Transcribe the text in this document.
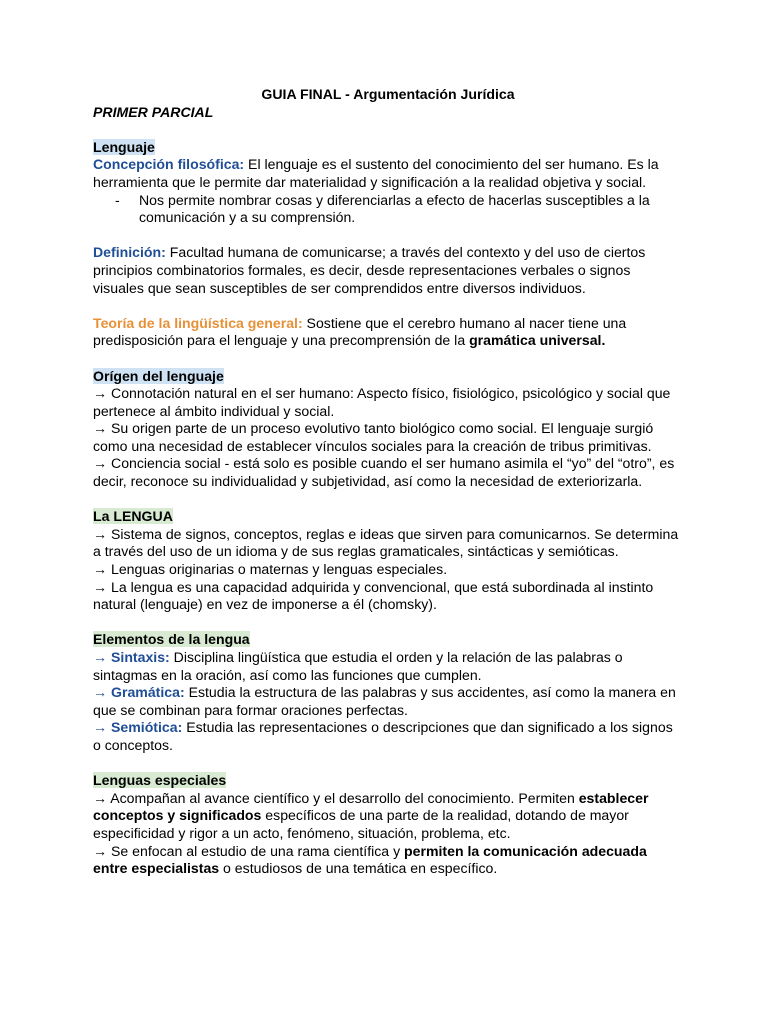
GUIA FINAL - Argumentación Jurídica

PRIMER PARCIAL

Lenguaje

Concepción filosófica: El lenguaje es el sustento del conocimiento del ser humano. Es la herramienta que le permite dar materialidad y significación a la realidad objetiva y social.

-	Nos permite nombrar cosas y diferenciarlas a efecto de hacerlas susceptibles a la comunicación y a su comprensión.

Definición: Facultad humana de comunicarse; a través del contexto y del uso de ciertos principios combinatorios formales, es decir, desde representaciones verbales o signos visuales que sean susceptibles de ser comprendidos entre diversos individuos.

Teoría de la lingüística general: Sostiene que el cerebro humano al nacer tiene una predisposición para el lenguaje y una precomprensión de la gramática universal.

Orígen del lenguaje

→ Connotación natural en el ser humano: Aspecto físico, fisiológico, psicológico y social que pertenece al ámbito individual y social.

→ Su origen parte de un proceso evolutivo tanto biológico como social. El lenguaje surgió como una necesidad de establecer vínculos sociales para la creación de tribus primitivas.

→ Conciencia social - está solo es posible cuando el ser humano asimila el “yo” del “otro”, es decir, reconoce su individualidad y subjetividad, así como la necesidad de exteriorizarla.

La LENGUA

→ Sistema de signos, conceptos, reglas e ideas que sirven para comunicarnos. Se determina a través del uso de un idioma y de sus reglas gramaticales, sintácticas y semióticas.

→ Lenguas originarias o maternas y lenguas especiales.

→ La lengua es una capacidad adquirida y convencional, que está subordinada al instinto natural (lenguaje) en vez de imponerse a él (chomsky).

Elementos de la lengua

→ Sintaxis: Disciplina lingüística que estudia el orden y la relación de las palabras o sintagmas en la oración, así como las funciones que cumplen.

→ Gramática: Estudia la estructura de las palabras y sus accidentes, así como la manera en que se combinan para formar oraciones perfectas.

→ Semiótica: Estudia las representaciones o descripciones que dan significado a los signos o conceptos.

Lenguas especiales

→ Acompañan al avance científico y el desarrollo del conocimiento. Permiten establecer conceptos y significados específicos de una parte de la realidad, dotando de mayor especificidad y rigor a un acto, fenómeno, situación, problema, etc.

→ Se enfocan al estudio de una rama científica y permiten la comunicación adecuada entre especialistas o estudiosos de una temática en específico.
